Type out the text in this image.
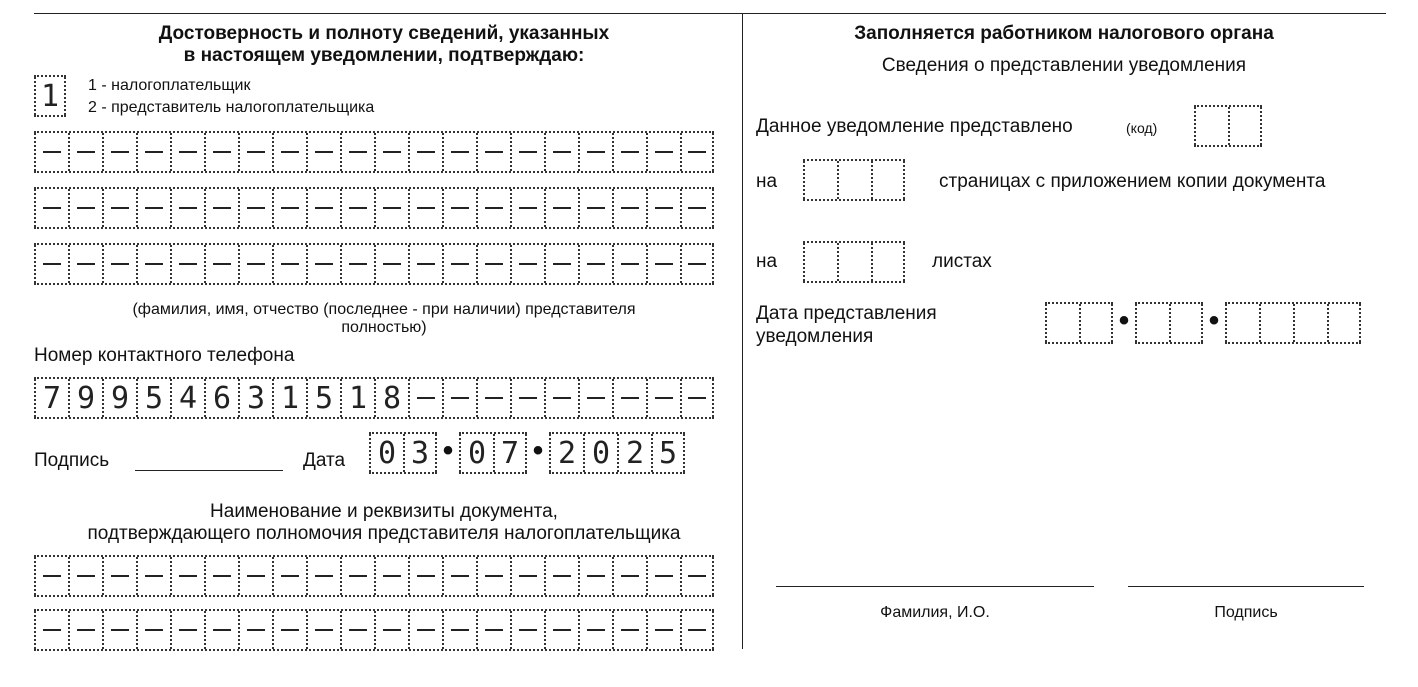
Достоверность и полноту сведений, указанных
в настоящем уведомлении, подтверждаю:
1	1 - налогоплательщик
2 - представитель налогоплательщика
(фамилия, имя, отчество (последнее - при наличии) представителя
полностью)
Номер контактного телефона
7 9 9 5 4 6 3 1 5 1 8
Подпись	Дата 0 3 • 0 7 • 2 0 2 5
Наименование и реквизиты документа,
подтверждающего полномочия представителя налогоплательщика
Заполняется работником налогового органа
Сведения о представлении уведомления
Данное уведомление представлено	(код)
на	страницах с приложением копии документа
на	листах
Дата представления
уведомления	•	•
Фамилия, И.О.	Подпись
